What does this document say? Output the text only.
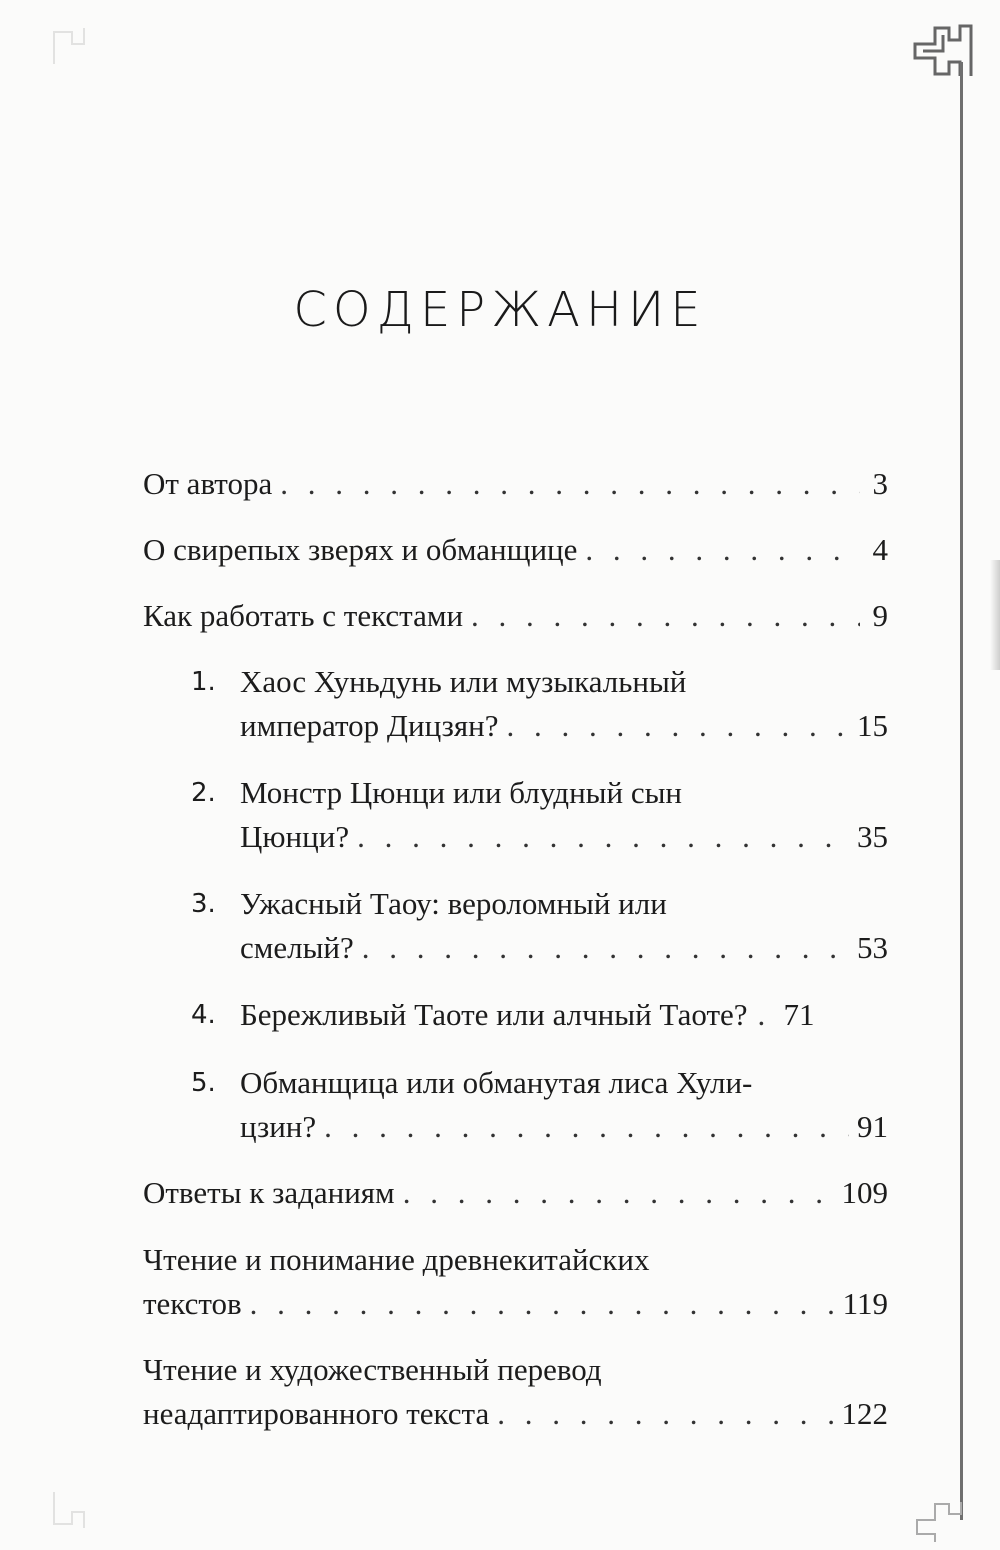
СОДЕРЖАНИЕ
От автора . . .	3
О свирепых зверях и обманщице . . .	4
Как работать с текстами . . .	9
1. Хаос Хуньдунь или музыкальный
император Дицзян? . . .	15
2. Монстр Цюнци или блудный сын
Цюнци? . . .	35
3. Ужасный Таоу: вероломный или
смелый? . . .	53
4. Бережливый Таоте или алчный Таоте? . . . 71
5. Обманщица или обманутая лиса Хули-
цзин? . . .	91
Ответы к заданиям . . .	109
Чтение и понимание древнекитайских
текстов . . .	119
Чтение и художественный перевод
неадаптированного текста . . .	122
